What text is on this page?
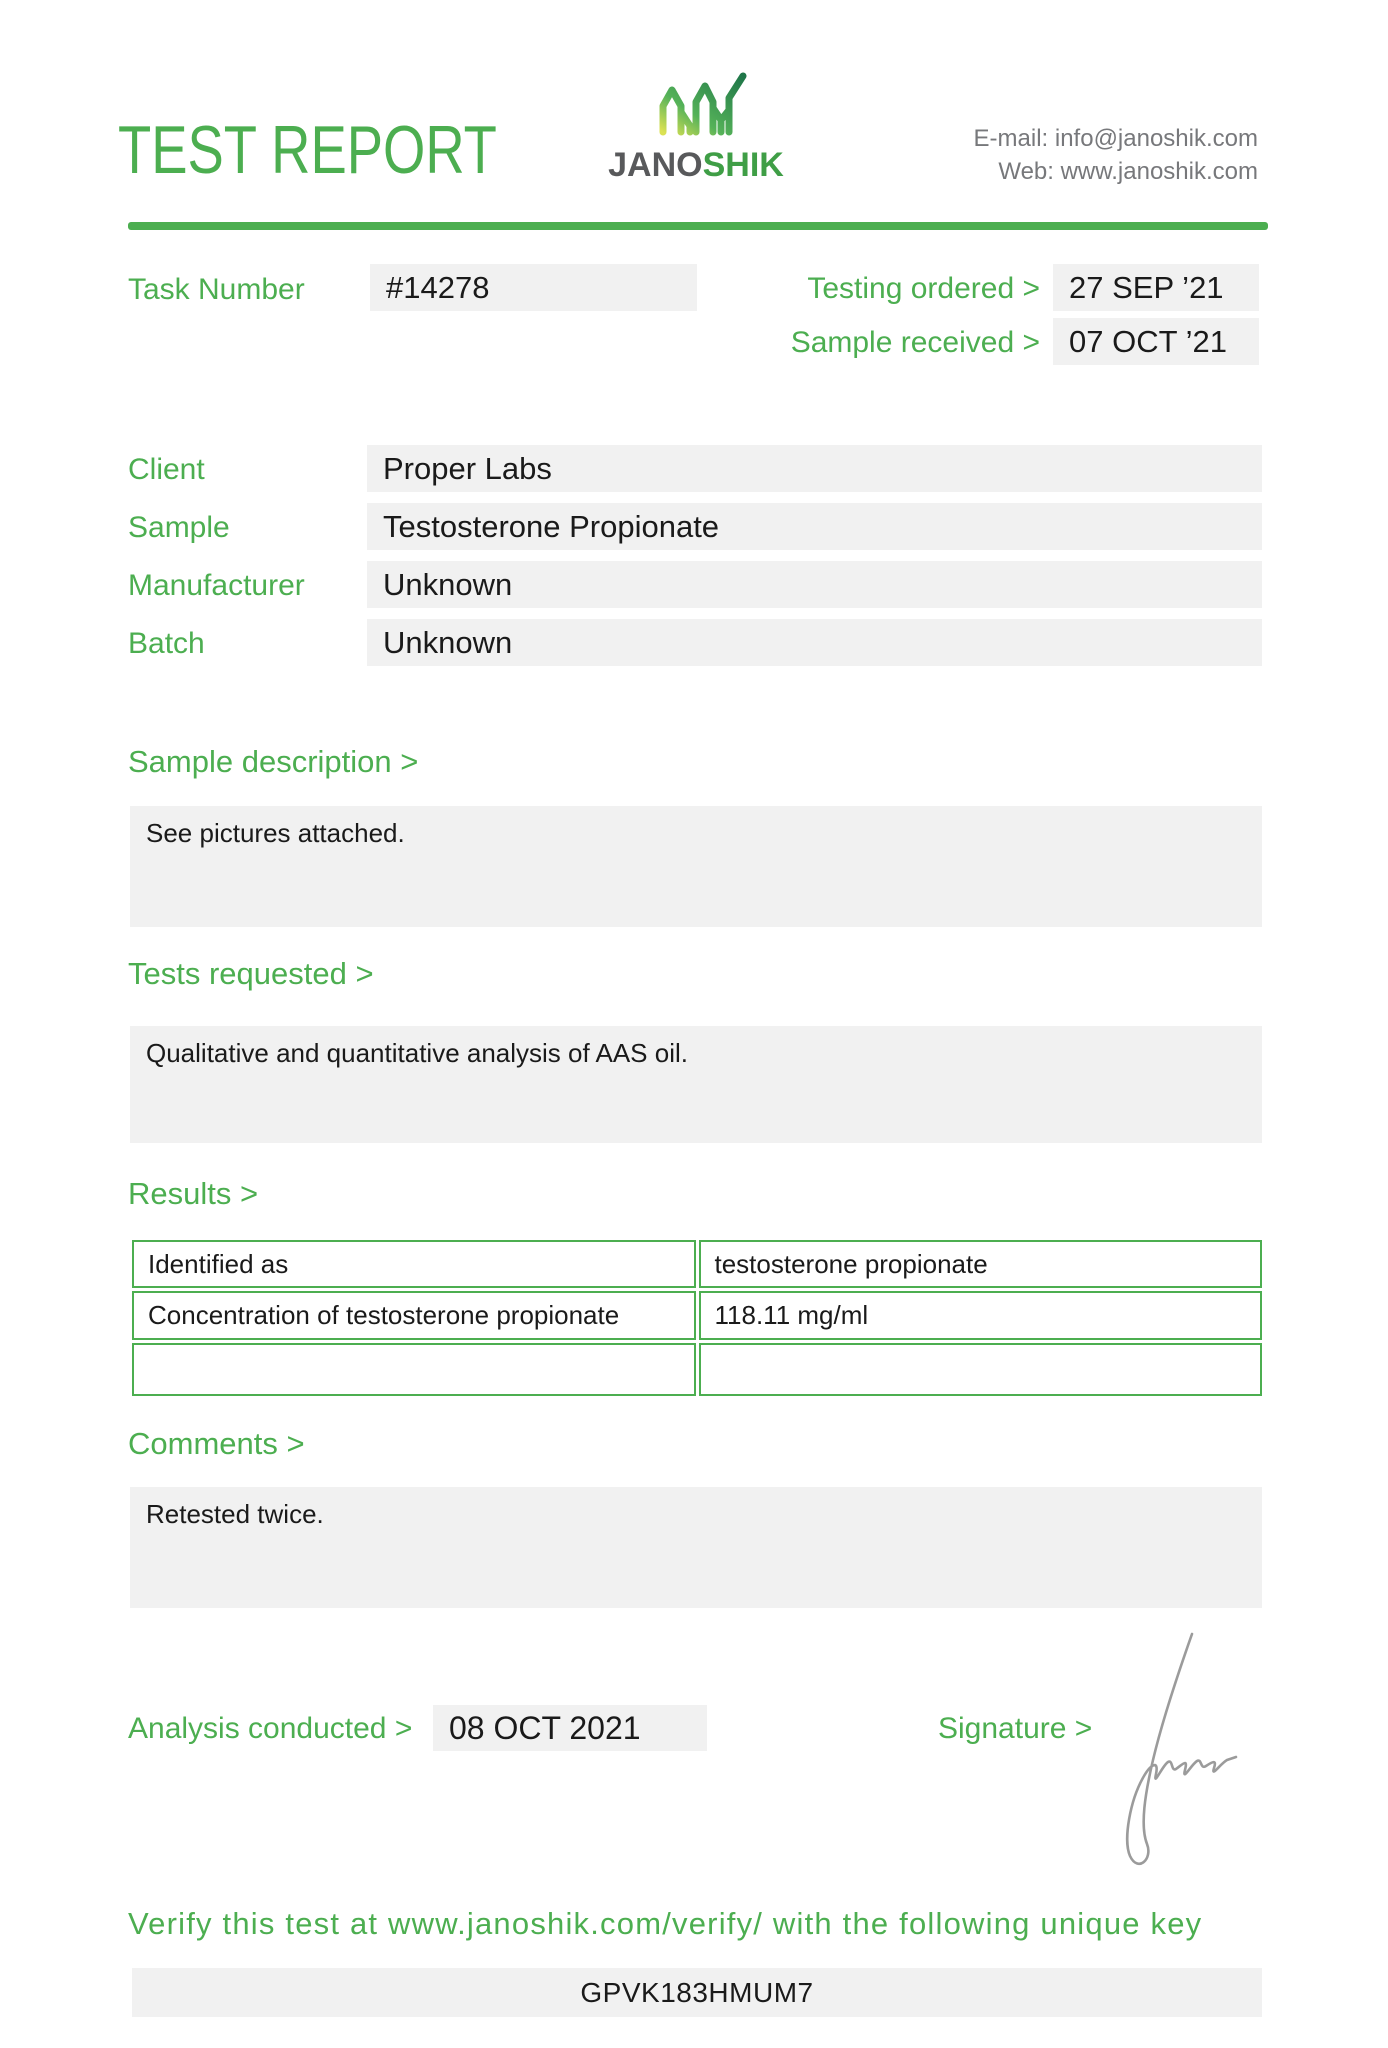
TEST REPORT	JANOSHIK
E-mail: info@janoshik.com
Web: www.janoshik.com
Task Number	#14278	Testing ordered > 27 SEP ’21
Sample received > 07 OCT ’21
Client	Proper Labs
Sample	Testosterone Propionate
Manufacturer	Unknown
Batch	Unknown
Sample description >
See pictures attached.
Tests requested >
Qualitative and quantitative analysis of AAS oil.
Results >
Identified as	testosterone propionate
Concentration of testosterone propionate	118.11 mg/ml

Comments >
Retested twice.
Analysis conducted >	08 OCT 2021	Signature >
Verify this test at www.janoshik.com/verify/ with the following unique key
GPVK183HMUM7
